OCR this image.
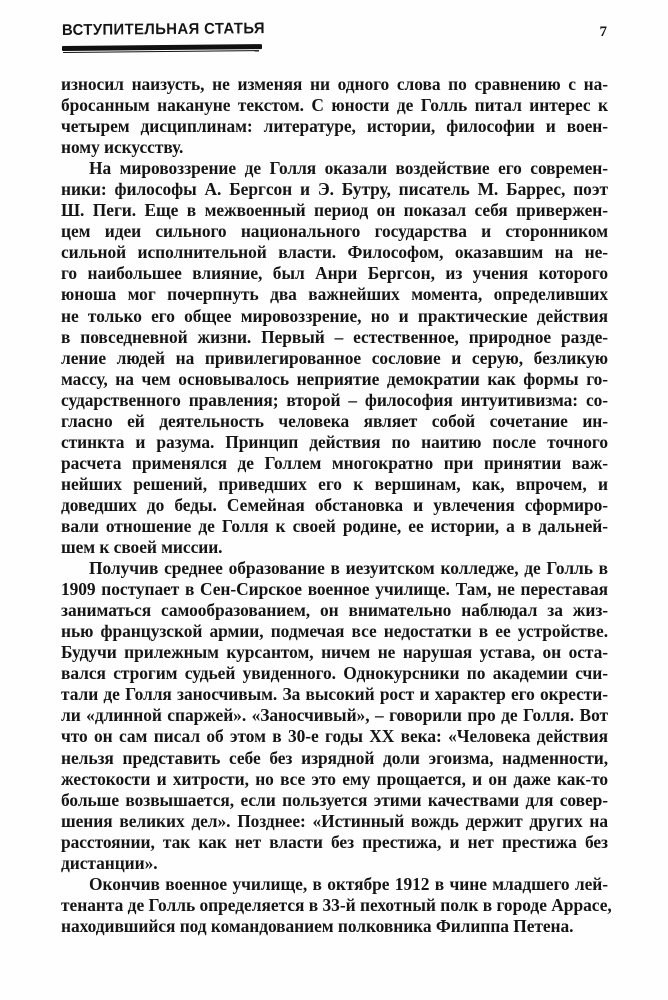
ВСТУПИТЕЛЬНАЯ СТАТЬЯ	7

износил наизусть, не изменяя ни одного слова по сравнению с на-
бросанным накануне текстом. С юности де Голль питал интерес к
четырем дисциплинам: литературе, истории, философии и воен-
ному искусству.

На мировоззрение де Голля оказали воздействие его современ-
ники: философы А. Бергсон и Э. Бутру, писатель М. Баррес, поэт
Ш. Пеги. Еще в межвоенный период он показал себя привержен-
цем идеи сильного национального государства и сторонником
сильной исполнительной власти. Философом, оказавшим на не-
го наибольшее влияние, был Анри Бергсон, из учения которого
юноша мог почерпнуть два важнейших момента, определивших
не только его общее мировоззрение, но и практические действия
в повседневной жизни. Первый – естественное, природное разде-
ление людей на привилегированное сословие и серую, безликую
массу, на чем основывалось неприятие демократии как формы го-
сударственного правления; второй – философия интуитивизма: со-
гласно ей деятельность человека являет собой сочетание ин-
стинкта и разума. Принцип действия по наитию после точного
расчета применялся де Голлем многократно при принятии важ-
нейших решений, приведших его к вершинам, как, впрочем, и
доведших до беды. Семейная обстановка и увлечения сформиро-
вали отношение де Голля к своей родине, ее истории, а в дальней-
шем к своей миссии.

Получив среднее образование в иезуитском колледже, де Голль в
1909 поступает в Сен-Сирское военное училище. Там, не переставая
заниматься самообразованием, он внимательно наблюдал за жиз-
нью французской армии, подмечая все недостатки в ее устройстве.
Будучи прилежным курсантом, ничем не нарушая устава, он оста-
вался строгим судьей увиденного. Однокурсники по академии счи-
тали де Голля заносчивым. За высокий рост и характер его окрести-
ли «длинной спаржей». «Заносчивый», – говорили про де Голля. Вот
что он сам писал об этом в 30-е годы XX века: «Человека действия
нельзя представить себе без изрядной доли эгоизма, надменности,
жестокости и хитрости, но все это ему прощается, и он даже как-то
больше возвышается, если пользуется этими качествами для совер-
шения великих дел». Позднее: «Истинный вождь держит других на
расстоянии, так как нет власти без престижа, и нет престижа без
дистанции».

Окончив военное училище, в октябре 1912 в чине младшего лей-
тенанта де Голль определяется в 33-й пехотный полк в городе Аррасе,
находившийся под командованием полковника Филиппа Петена.
